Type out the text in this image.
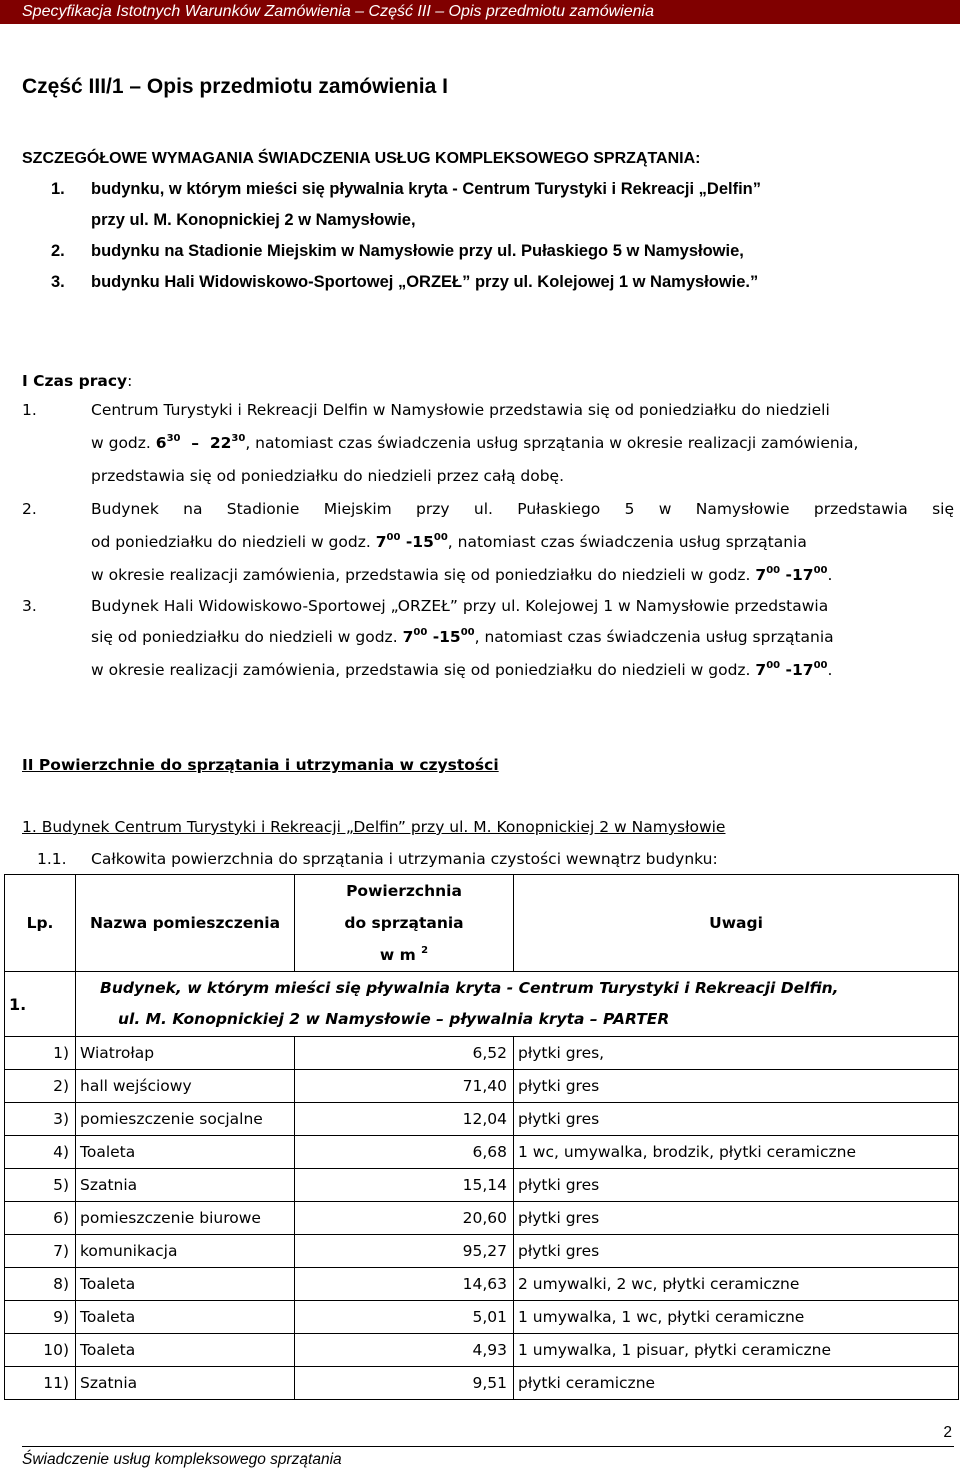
Specyfikacja Istotnych Warunków Zamówienia – Część III – Opis przedmiotu zamówienia
Część III/1 – Opis przedmiotu zamówienia I
SZCZEGÓŁOWE WYMAGANIA ŚWIADCZENIA USŁUG KOMPLEKSOWEGO SPRZĄTANIA:
1. budynku, w którym mieści się pływalnia kryta - Centrum Turystyki i Rekreacji „Delfin”
przy ul. M. Konopnickiej 2 w Namysłowie,
2. budynku na Stadionie Miejskim w Namysłowie przy ul. Pułaskiego 5 w Namysłowie,
3. budynku Hali Widowiskowo-Sportowej „ORZEŁ” przy ul. Kolejowej 1 w Namysłowie.”
I Czas pracy:
1.	Centrum Turystyki i Rekreacji Delfin w Namysłowie przedstawia się od poniedziałku do niedzieli
w godz. $6^{30} - 22^{30}$, natomiast czas świadczenia usług sprzątania w okresie realizacji zamówienia,
przedstawia się od poniedziałku do niedzieli przez całą dobę.
2.	Budynek na Stadionie Miejskim przy ul. Pułaskiego 5 w Namysłowie przedstawia się
od poniedziałku do niedzieli w godz. $7^{00}$ $-15^{00}$, natomiast czas świadczenia usług sprzątania
w okresie realizacji zamówienia, przedstawia się od poniedziałku do niedzieli w godz. $7^{00}$ $-17^{00}$.
3.	Budynek Hali Widowiskowo-Sportowej „ORZEŁ” przy ul. Kolejowej 1 w Namysłowie przedstawia
się od poniedziałku do niedzieli w godz. $7^{00}$ $-15^{00}$, natomiast czas świadczenia usług sprzątania
w okresie realizacji zamówienia, przedstawia się od poniedziałku do niedzieli w godz. $7^{00}$ $-17^{00}$.
II Powierzchnie do sprzątania i utrzymania w czystości
1. Budynek Centrum Turystyki i Rekreacji „Delfin” przy ul. M. Konopnickiej 2 w Namysłowie
1.1. Całkowita powierzchnia do sprzątania i utrzymania czystości wewnątrz budynku:
Lp.	Nazwa pomieszczenia	Powierzchnia
do sprzątania
w m $^2$	Uwagi
1.	Budynek, w którym mieści się pływalnia kryta - Centrum Turystyki i Rekreacji Delfin,
ul. M. Konopnickiej 2 w Namysłowie – pływalnia kryta – PARTER		

1)	Wiatrołap	6,52	płytki gres,
2)	hall wejściowy	71,40	płytki gres
3)	pomieszczenie socjalne	12,04	płytki gres
4)	Toaleta	6,68	1 wc, umywalka, brodzik, płytki ceramiczne
5)	Szatnia	15,14	płytki gres
6)	pomieszczenie biurowe	20,60	płytki gres
7)	komunikacja	95,27	płytki gres
8)	Toaleta	14,63	2 umywalki, 2 wc, płytki ceramiczne
9)	Toaleta	5,01	1 umywalka, 1 wc, płytki ceramiczne
10)	Toaleta	4,93	1 umywalka, 1 pisuar, płytki ceramiczne
11)	Szatnia	9,51	płytki ceramiczne
2
Świadczenie usług kompleksowego sprzątania
